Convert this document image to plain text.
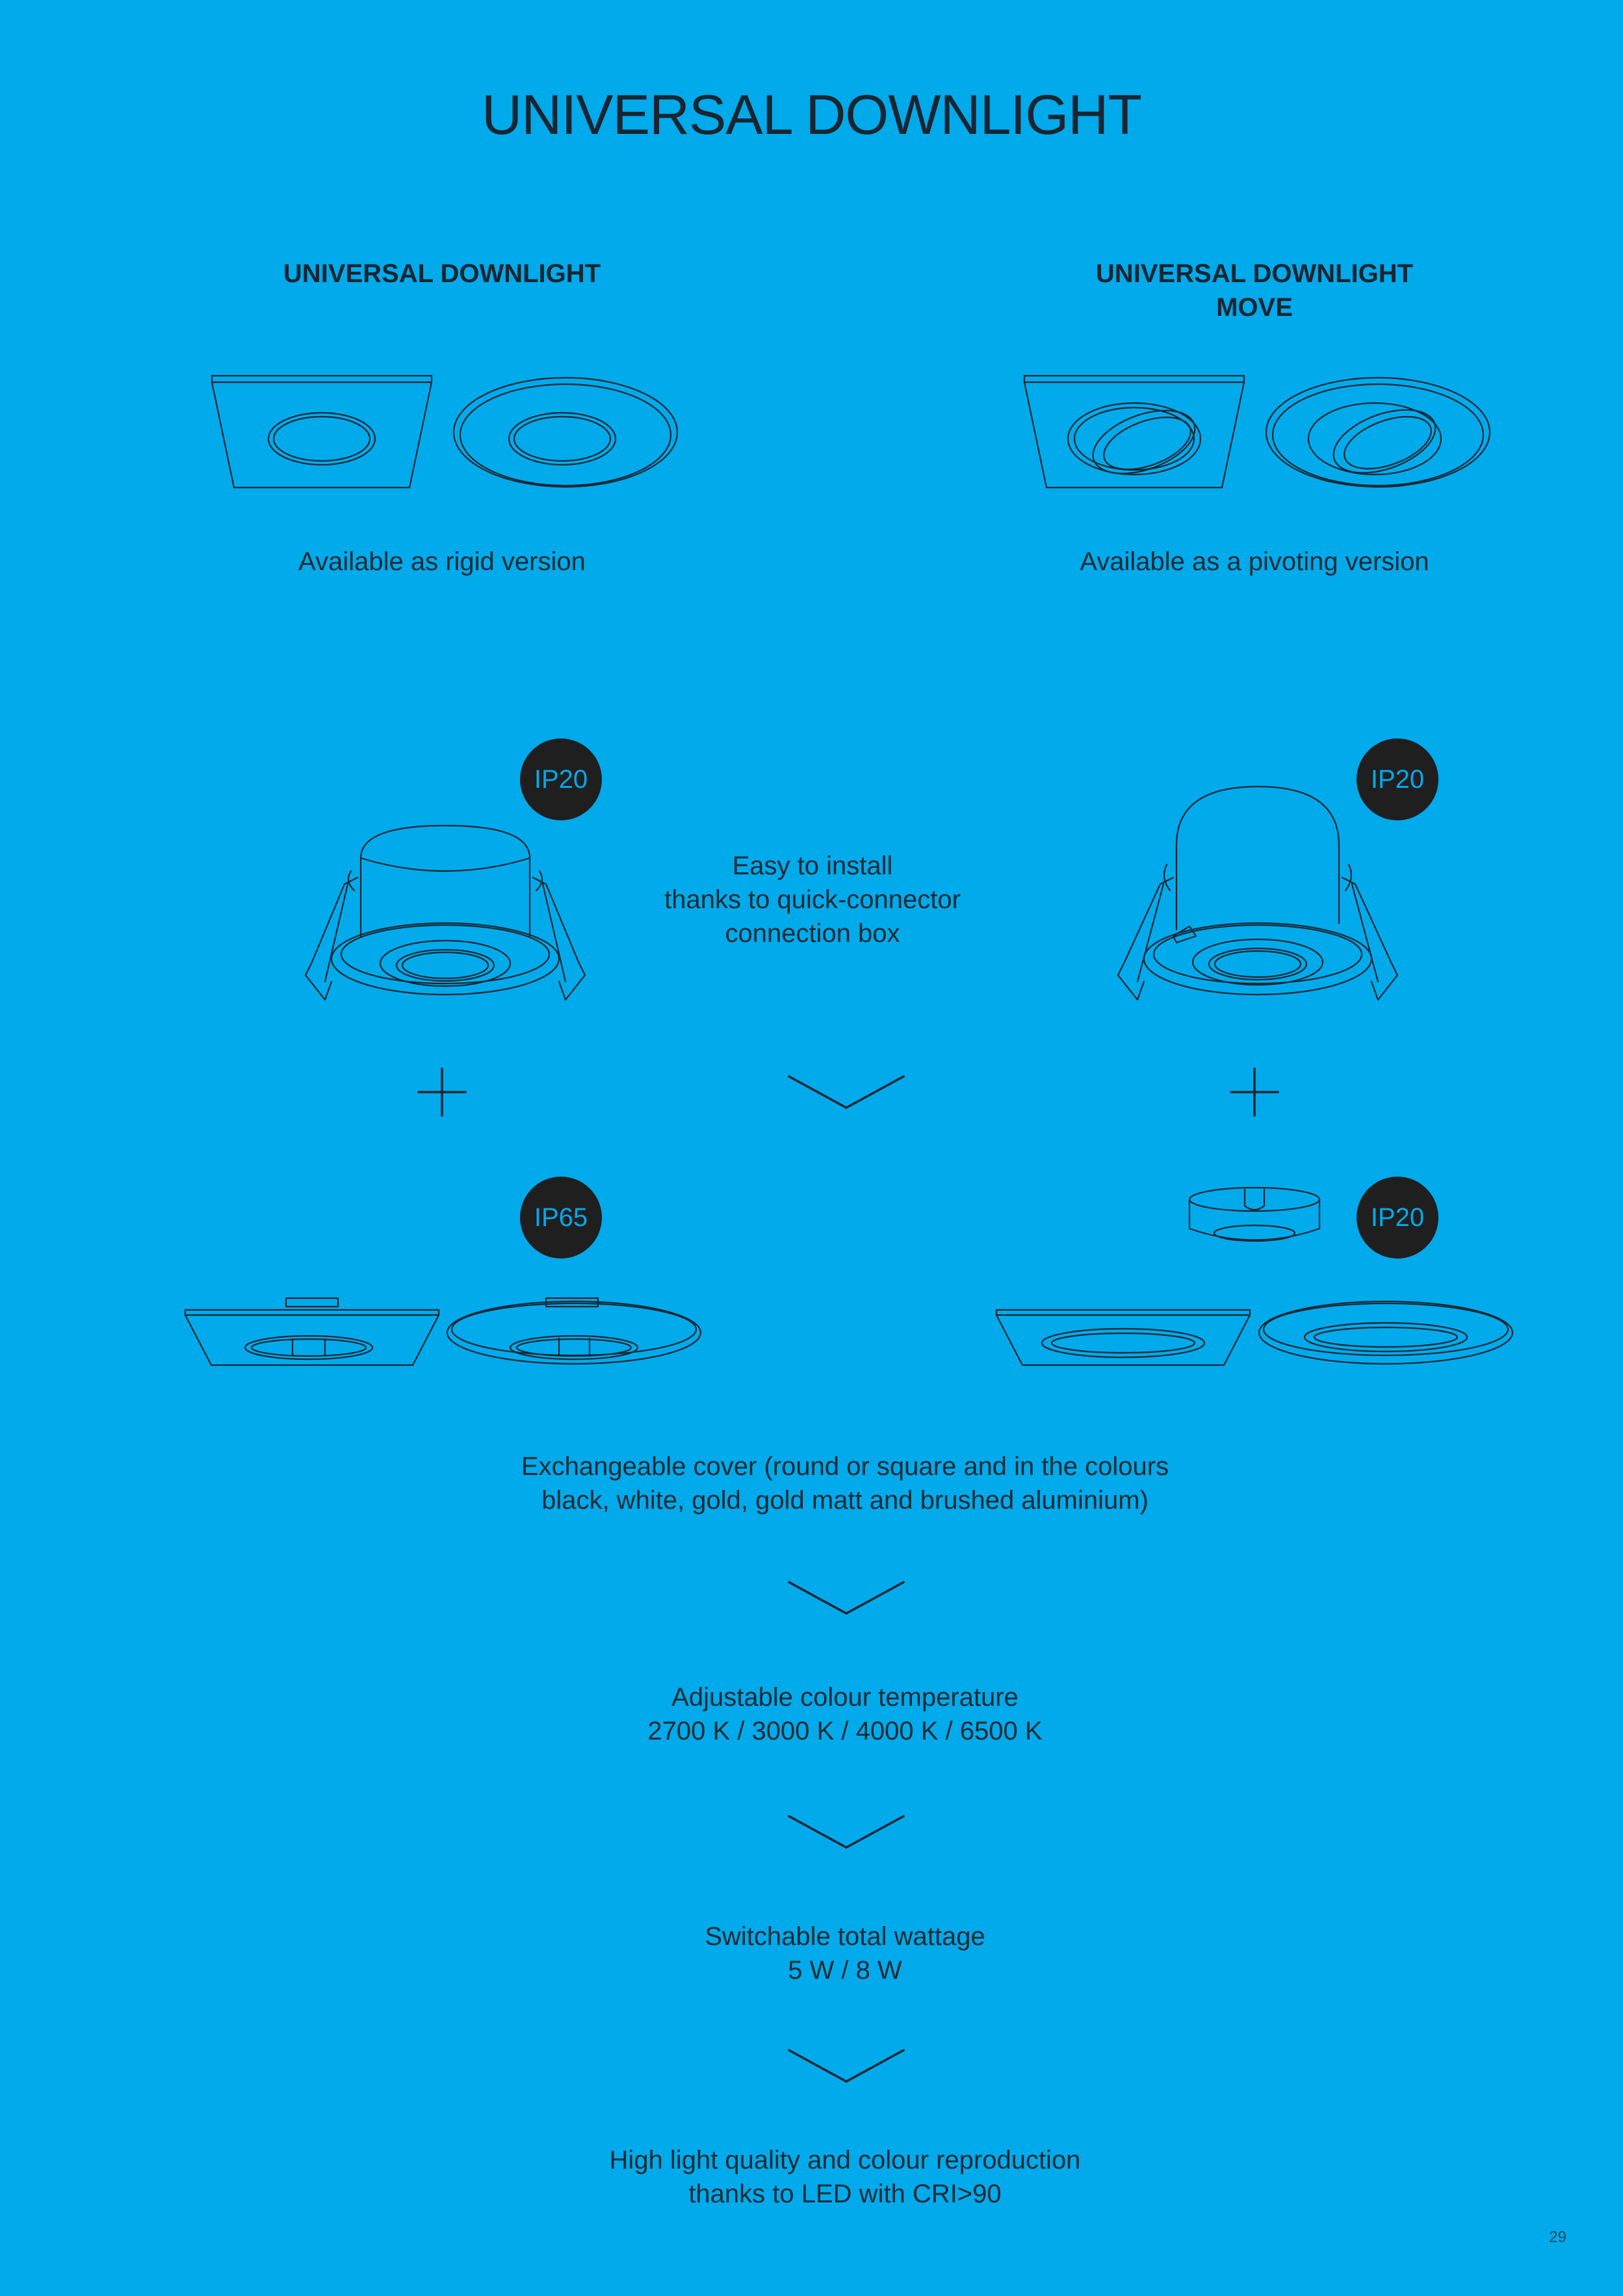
UNIVERSAL DOWNLIGHT
UNIVERSAL DOWNLIGHT	UNIVERSAL DOWNLIGHT
MOVE
Available as rigid version	Available as a pivoting version
IP20	IP20
Easy to install
thanks to quick-connector
connection box
IP65	IP20
Exchangeable cover (round or square and in the colours
black, white, gold, gold matt and brushed aluminium)
Adjustable colour temperature
2700 K / 3000 K / 4000 K / 6500 K
Switchable total wattage
5 W / 8 W
High light quality and colour reproduction
thanks to LED with CRI>90
29
